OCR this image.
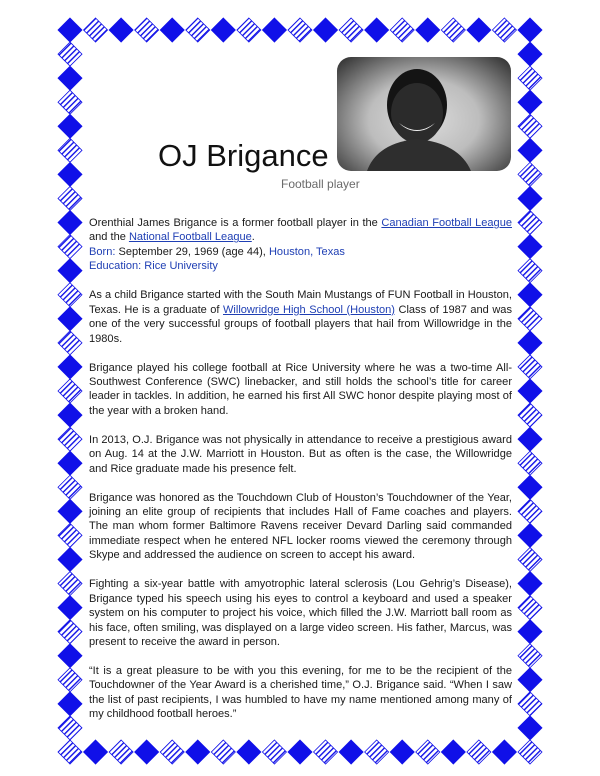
OJ Brigance
Football player

Orenthial James Brigance is a former football player in the Canadian Football League and the National Football League.

Born: September 29, 1969 (age 44), Houston, Texas

Education: Rice University

As a child Brigance started with the South Main Mustangs of FUN Football in Houston, Texas. He is a graduate of Willowridge High School (Houston) Class of 1987 and was one of the very successful groups of football players that hail from Willowridge in the 1980s.

Brigance played his college football at Rice University where he was a two-time All-Southwest Conference (SWC) linebacker, and still holds the school’s title for career leader in tackles. In addition, he earned his first All SWC honor despite playing most of the year with a broken hand.

In 2013, O.J. Brigance was not physically in attendance to receive a prestigious award on Aug. 14 at the J.W. Marriott in Houston. But as often is the case, the Willowridge and Rice graduate made his presence felt.

Brigance was honored as the Touchdown Club of Houston’s Touchdowner of the Year, joining an elite group of recipients that includes Hall of Fame coaches and players. The man whom former Baltimore Ravens receiver Devard Darling said commanded immediate respect when he entered NFL locker rooms viewed the ceremony through Skype and addressed the audience on screen to accept his award.

Fighting a six-year battle with amyotrophic lateral sclerosis (Lou Gehrig’s Disease), Brigance typed his speech using his eyes to control a keyboard and used a speaker system on his computer to project his voice, which filled the J.W. Marriott ball room as his face, often smiling, was displayed on a large video screen. His father, Marcus, was present to receive the award in person.

“It is a great pleasure to be with you this evening, for me to be the recipient of the Touchdowner of the Year Award is a cherished time,” O.J. Brigance said. “When I saw the list of past recipients, I was humbled to have my name mentioned among many of my childhood football heroes.”
